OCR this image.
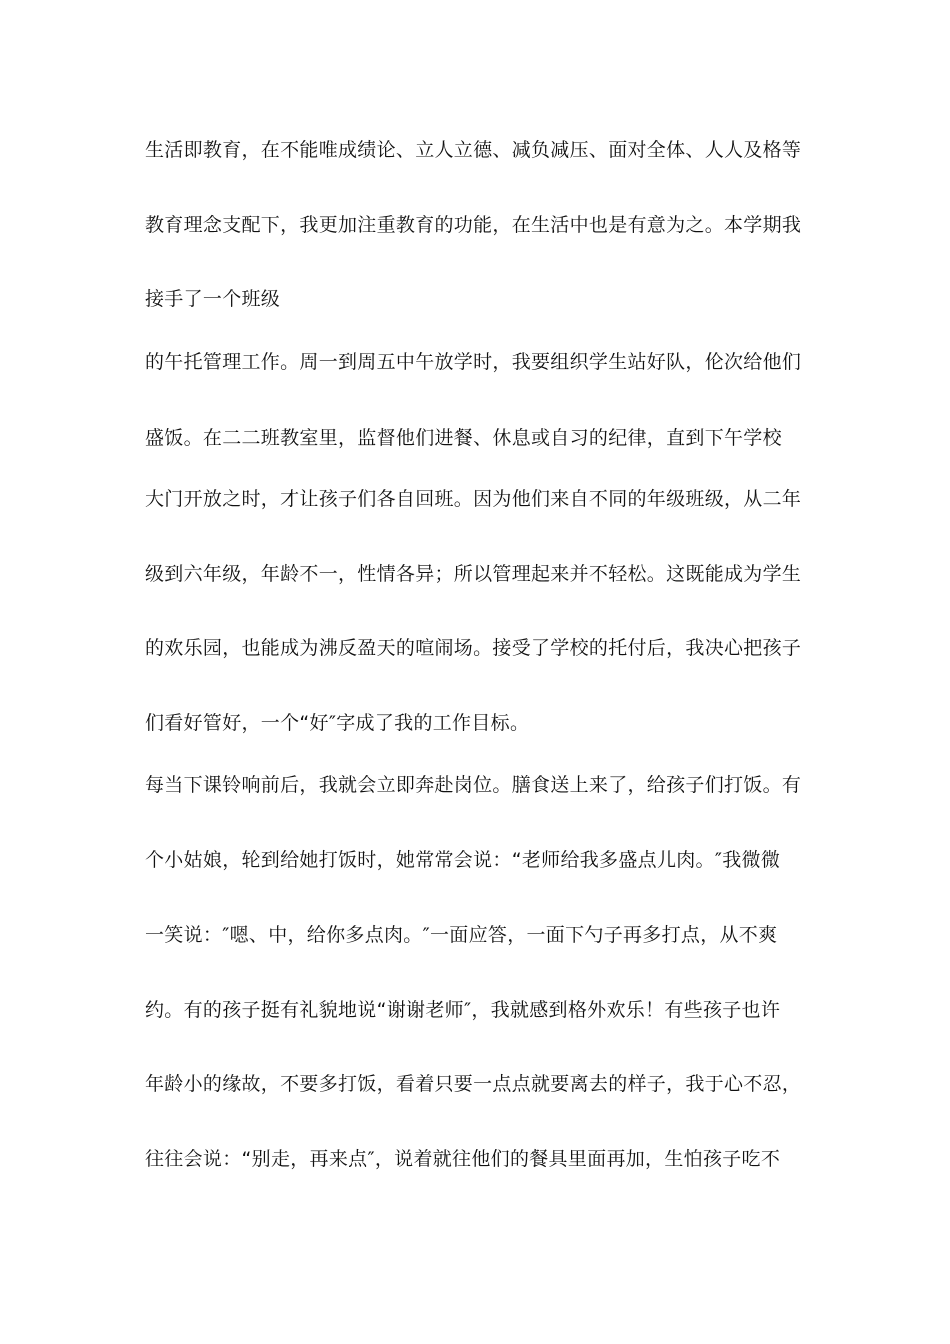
生活即教育，在不能唯成绩论、立人立德、减负减压、面对全体、人人及格等
教育理念支配下，我更加注重教育的功能，在生活中也是有意为之。本学期我
接手了一个班级
的午托管理工作。周一到周五中午放学时，我要组织学生站好队，伦次给他们
盛饭。在二二班教室里，监督他们进餐、休息或自习的纪律，直到下午学校
大门开放之时，才让孩子们各自回班。因为他们来自不同的年级班级，从二年
级到六年级，年龄不一，性情各异；所以管理起来并不轻松。这既能成为学生
的欢乐园，也能成为沸反盈天的喧闹场。接受了学校的托付后，我决心把孩子
们看好管好，一个“好″字成了我的工作目标。
每当下课铃响前后，我就会立即奔赴岗位。膳食送上来了，给孩子们打饭。有
个小姑娘，轮到给她打饭时，她常常会说：“老师给我多盛点儿肉。″我微微
一笑说：″嗯、中，给你多点肉。″一面应答，一面下勺子再多打点，从不爽
约。有的孩子挺有礼貌地说“谢谢老师″，我就感到格外欢乐！有些孩子也许
年龄小的缘故，不要多打饭，看着只要一点点就要离去的样子，我于心不忍，
往往会说：“别走，再来点″，说着就往他们的餐具里面再加，生怕孩子吃不
